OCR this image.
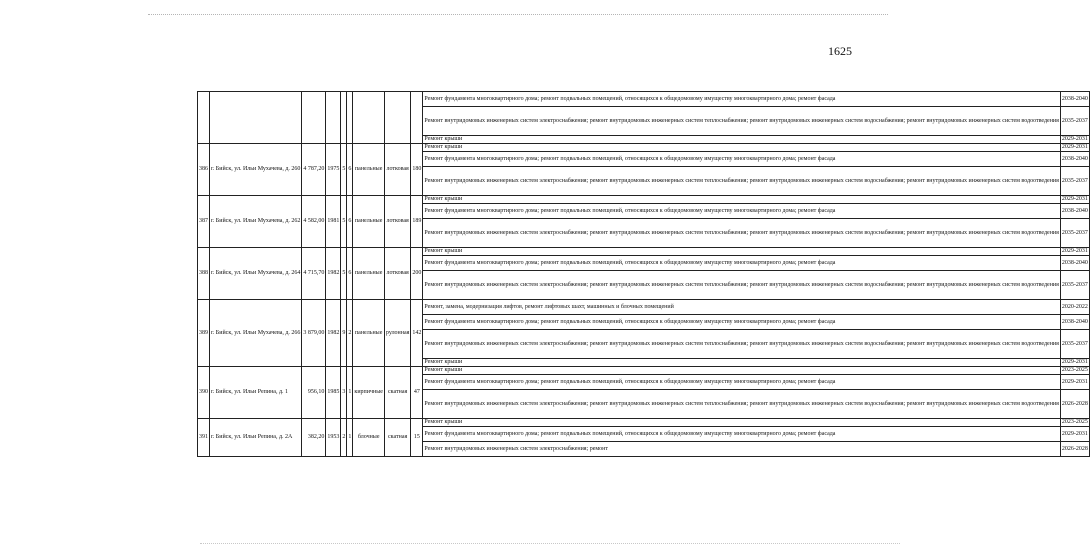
1625
									Ремонт фундамента многоквартирного дома; ремонт подвальных помещений, относящихся к общедомовому имуществу многоквартирного дома; ремонт фасада	2038-2040
									Ремонт внутридомовых инженерных систем электроснабжения; ремонт внутридомовых инженерных систем теплоснабжения; ремонт внутридомовых инженерных систем водоснабжения; ремонт внутридомовых инженерных систем водоотведения	2035-2037
									Ремонт крыши	2029-2031
386	г. Бийск, ул. Ильи Мухачева, д. 260	4 787,20	1975	5	6	панельные	лотковая	180	Ремонт крыши	2029-2031
									Ремонт фундамента многоквартирного дома; ремонт подвальных помещений, относящихся к общедомовому имуществу многоквартирного дома; ремонт фасада	2038-2040
									Ремонт внутридомовых инженерных систем электроснабжения; ремонт внутридомовых инженерных систем теплоснабжения; ремонт внутридомовых инженерных систем водоснабжения; ремонт внутридомовых инженерных систем водоотведения	2035-2037
387	г. Бийск, ул. Ильи Мухачева, д. 262	4 582,00	1981	5	6	панельные	лотковая	189	Ремонт крыши	2029-2031
									Ремонт фундамента многоквартирного дома; ремонт подвальных помещений, относящихся к общедомовому имуществу многоквартирного дома; ремонт фасада	2038-2040
									Ремонт внутридомовых инженерных систем электроснабжения; ремонт внутридомовых инженерных систем теплоснабжения; ремонт внутридомовых инженерных систем водоснабжения; ремонт внутридомовых инженерных систем водоотведения	2035-2037
388	г. Бийск, ул. Ильи Мухачева, д. 264	4 715,70	1982	5	6	панельные	лотковая	200	Ремонт крыши	2029-2031
									Ремонт фундамента многоквартирного дома; ремонт подвальных помещений, относящихся к общедомовому имуществу многоквартирного дома; ремонт фасада	2038-2040
									Ремонт внутридомовых инженерных систем электроснабжения; ремонт внутридомовых инженерных систем теплоснабжения; ремонт внутридомовых инженерных систем водоснабжения; ремонт внутридомовых инженерных систем водоотведения	2035-2037
389	г. Бийск, ул. Ильи Мухачева, д. 266	3 879,00	1982	9	2	панельные	рулонная	142	Ремонт, замена, модернизация лифтов, ремонт лифтовых шахт, машинных и блочных помещений	2020-2022
									Ремонт фундамента многоквартирного дома; ремонт подвальных помещений, относящихся к общедомовому имуществу многоквартирного дома; ремонт фасада	2038-2040
									Ремонт внутридомовых инженерных систем электроснабжения; ремонт внутридомовых инженерных систем теплоснабжения; ремонт внутридомовых инженерных систем водоснабжения; ремонт внутридомовых инженерных систем водоотведения	2035-2037
									Ремонт крыши	2029-2031
390	г. Бийск, ул. Ильи Репина, д. 1	956,10	1985	3	1	кирпичные	скатная	47	Ремонт крыши	2023-2025
									Ремонт фундамента многоквартирного дома; ремонт подвальных помещений, относящихся к общедомовому имуществу многоквартирного дома; ремонт фасада	2029-2031
									Ремонт внутридомовых инженерных систем электроснабжения; ремонт внутридомовых инженерных систем теплоснабжения; ремонт внутридомовых инженерных систем водоснабжения; ремонт внутридомовых инженерных систем водоотведения	2026-2028
391	г. Бийск, ул. Ильи Репина, д. 2А	382,20	1953	2	1	блочные	скатная	15	Ремонт крыши	2023-2025
									Ремонт фундамента многоквартирного дома; ремонт подвальных помещений, относящихся к общедомовому имуществу многоквартирного дома; ремонт фасада	2029-2031
									Ремонт внутридомовых инженерных систем электроснабжения; ремонт	2026-2028
